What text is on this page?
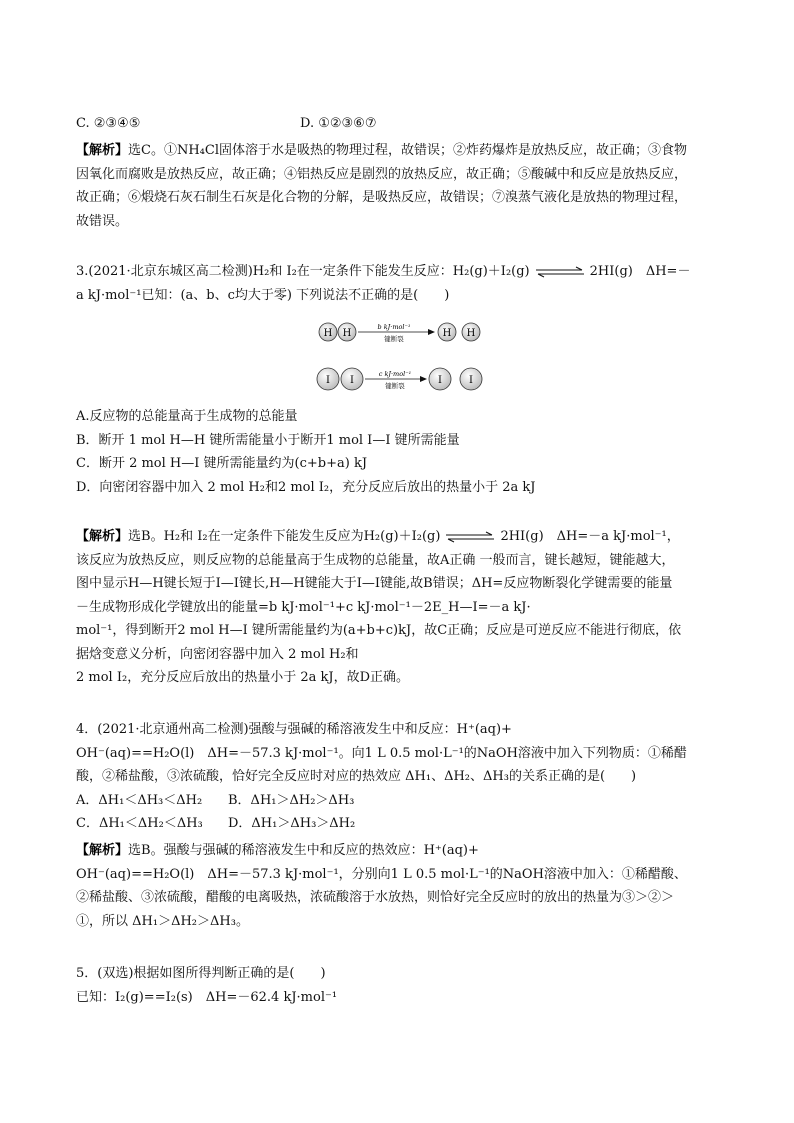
C. ②③④⑤	D. ①②③⑥⑦
【解析】选C。①NH₄Cl固体溶于水是吸热的物理过程，故错误；②炸药爆炸是放热反应，故正确；③食物
因氧化而腐败是放热反应，故正确；④铝热反应是剧烈的放热反应，故正确；⑤酸碱中和反应是放热反应，
故正确；⑥煅烧石灰石制生石灰是化合物的分解，是吸热反应，故错误；⑦溴蒸气液化是放热的物理过程，
故错误。
3.(2021·北京东城区高二检测)H₂和 I₂在一定条件下能发生反应：H₂(g)＋I₂(g) ⇌ 2HI(g)　ΔH=－
a kJ·mol⁻¹已知：(a、b、c均大于零) 下列说法不正确的是(　　)
H H
b kJ·mol⁻¹
键断裂	H H
I I
c kJ·mol⁻¹
键断裂	I	I
A.反应物的总能量高于生成物的总能量
B．断开 1 mol H—H 键所需能量小于断开1 mol I—I 键所需能量
C．断开 2 mol H—I 键所需能量约为(c+b+a) kJ
D．向密闭容器中加入 2 mol H₂和2 mol I₂，充分反应后放出的热量小于 2a kJ
【解析】选B。H₂和 I₂在一定条件下能发生反应为H₂(g)＋I₂(g) ⇌ 2HI(g)　ΔH=－a kJ·mol⁻¹，
该反应为放热反应，则反应物的总能量高于生成物的总能量，故A正确 一般而言，键长越短，键能越大，
图中显示H—H键长短于I—I键长,H—H键能大于I—I键能,故B错误；ΔH=反应物断裂化学键需要的能量
－生成物形成化学键放出的能量=b kJ·mol⁻¹+c kJ·mol⁻¹－2E_H—I=－a kJ·
mol⁻¹，得到断开2 mol H—I 键所需能量约为(a+b+c)kJ，故C正确；反应是可逆反应不能进行彻底，依
据焓变意义分析，向密闭容器中加入 2 mol H₂和
2 mol I₂，充分反应后放出的热量小于 2a kJ，故D正确。
4．(2021·北京通州高二检测)强酸与强碱的稀溶液发生中和反应：H⁺(aq)+
OH⁻(aq)==H₂O(l)　ΔH=－57.3 kJ·mol⁻¹。向1 L 0.5 mol·L⁻¹的NaOH溶液中加入下列物质：①稀醋
酸，②稀盐酸，③浓硫酸，恰好完全反应时对应的热效应 ΔH₁、ΔH₂、ΔH₃的关系正确的是(　　)
A．ΔH₁＜ΔH₃＜ΔH₂ B．ΔH₁＞ΔH₂＞ΔH₃
C．ΔH₁＜ΔH₂＜ΔH₃ D．ΔH₁＞ΔH₃＞ΔH₂
【解析】选B。强酸与强碱的稀溶液发生中和反应的热效应：H⁺(aq)+
OH⁻(aq)==H₂O(l)　ΔH=－57.3 kJ·mol⁻¹，分别向1 L 0.5 mol·L⁻¹的NaOH溶液中加入：①稀醋酸、
②稀盐酸、③浓硫酸，醋酸的电离吸热，浓硫酸溶于水放热，则恰好完全反应时的放出的热量为③＞②＞
①，所以 ΔH₁＞ΔH₂＞ΔH₃。
5．(双选)根据如图所得判断正确的是(　　)
已知：I₂(g)==I₂(s)　ΔH=－62.4 kJ·mol⁻¹
